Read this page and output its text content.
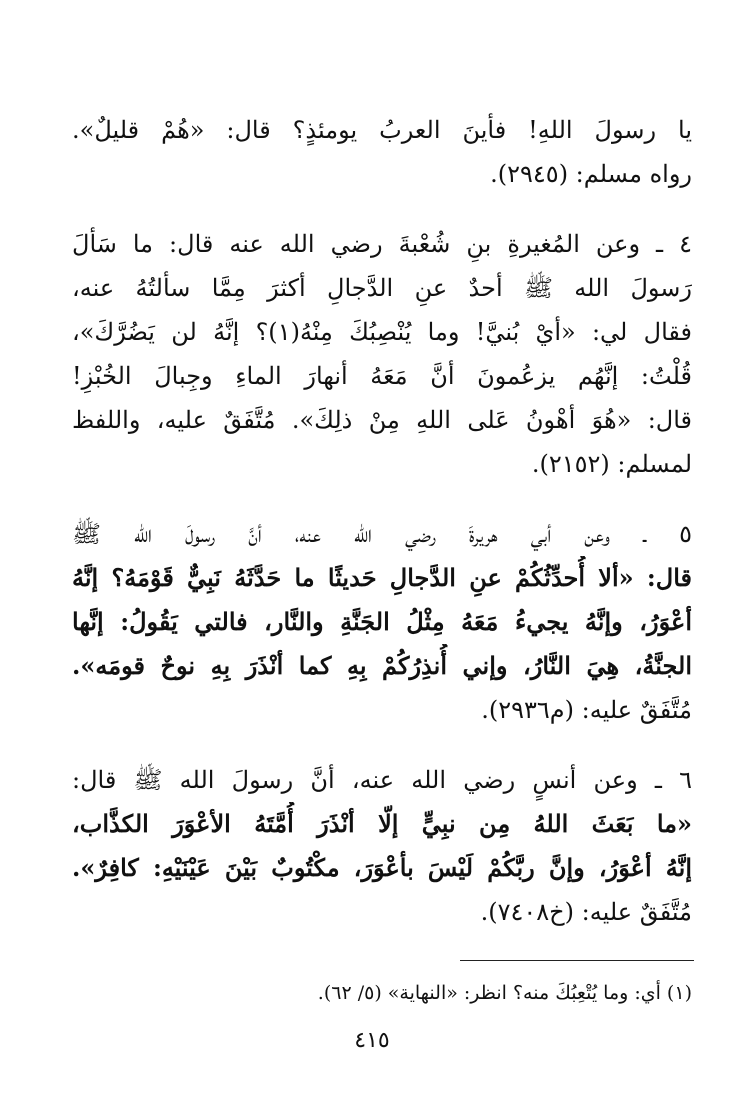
يا رسولَ اللهِ! فأينَ العربُ يومئذٍ؟ قال: «هُمْ قليلٌ».
رواه مسلم: (٢٩٤٥).
٤ ـ وعن المُغيرةِ بنِ شُعْبةَ رضي الله عنه قال: ما سَألَ
رَسولَ الله ﷺ أحدٌ عنِ الدَّجالِ أكثرَ مِمَّا سألتُهُ عنه،
فقال لي: «أيْ بُنيَّ! وما يُنْصِبُكَ مِنْهُ(١)؟ إنَّهُ لن يَضُرَّكَ»،
قُلْتُ: إنَّهُم يزعُمونَ أنَّ مَعَهُ أنهارَ الماءِ وجِبالَ الخُبْزِ!
قال: «هُوَ أهْونُ عَلى اللهِ مِنْ ذلِكَ». مُتَّفَقٌ عليه، واللفظ
لمسلم: (٢١٥٢).
٥ ـ وعن أبي هريرةَ رضي الله عنه، أنَّ رسولَ الله ﷺ
قال: «ألا أُحدِّثُكُمْ عنِ الدَّجالِ حَديثًا ما حَدَّثَهُ نَبِيٌّ قَوْمَهُ؟ إنَّهُ
أعْوَرُ، وإنَّهُ يجيءُ مَعَهُ مِثْلُ الجَنَّةِ والنَّار، فالتي يَقُولُ: إنَّها
الجنَّةُ، هِيَ النَّارُ، وإني أُنذِرُكُمْ بِهِ كما أنْذَرَ بِهِ نوحٌ قومَه».
مُتَّفَقٌ عليه: (م٢٩٣٦).
٦ ـ وعن أنسٍ رضي الله عنه، أنَّ رسولَ الله ﷺ قال:
«ما بَعَثَ اللهُ مِن نبِيٍّ إلّا أنْذَرَ أُمَّتَهُ الأعْوَرَ الكذَّاب،
إنَّهُ أعْوَرُ، وإنَّ ربَّكُمْ لَيْسَ بأعْوَرَ، مكْتُوبٌ بَيْنَ عَيْنَيْهِ: كافِرٌ».
مُتَّفَقٌ عليه: (خ٧٤٠٨).
(١) أي: وما يُتْعِبُكَ منه؟ انظر: «النهاية» (٥/ ٦٢).
٤١٥
